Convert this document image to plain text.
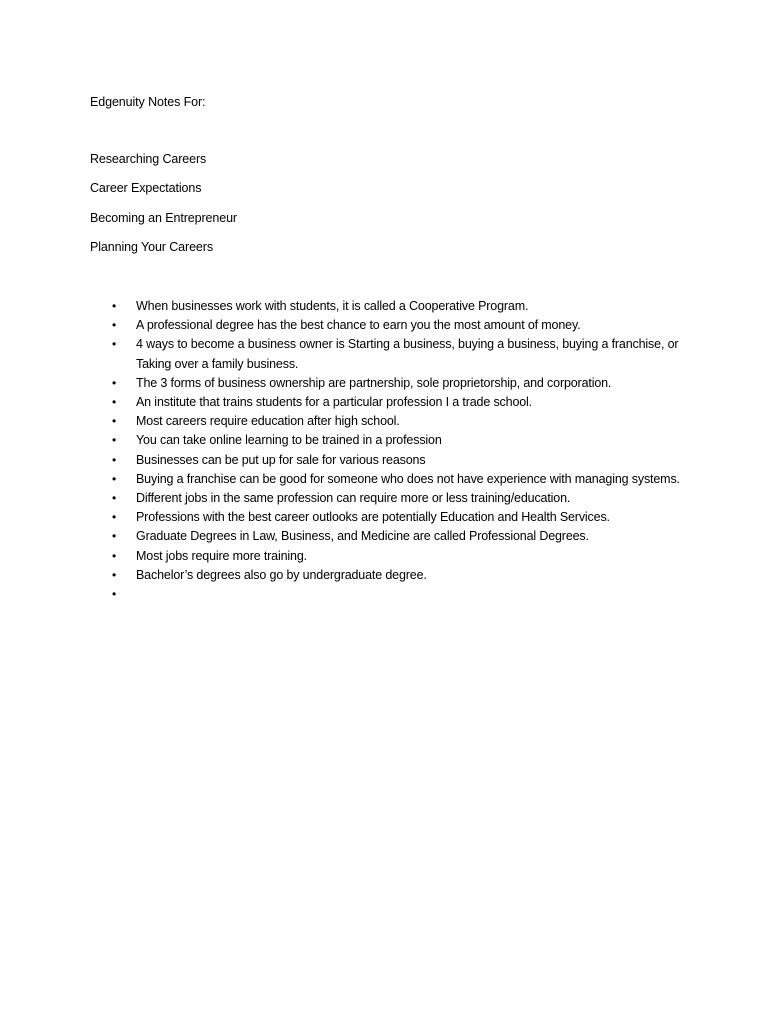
Edgenuity Notes For:
Researching Careers
Career Expectations
Becoming an Entrepreneur
Planning Your Careers
• When businesses work with students, it is called a Cooperative Program.
• A professional degree has the best chance to earn you the most amount of money.
• 4 ways to become a business owner is Starting a business, buying a business, buying a franchise, or Taking over a family business.
• The 3 forms of business ownership are partnership, sole proprietorship, and corporation.
• An institute that trains students for a particular profession I a trade school.
• Most careers require education after high school.
• You can take online learning to be trained in a profession
• Businesses can be put up for sale for various reasons
• Buying a franchise can be good for someone who does not have experience with managing systems.
• Different jobs in the same profession can require more or less training/education.
• Professions with the best career outlooks are potentially Education and Health Services.
• Graduate Degrees in Law, Business, and Medicine are called Professional Degrees.
• Most jobs require more training.
• Bachelor’s degrees also go by undergraduate degree.
•
